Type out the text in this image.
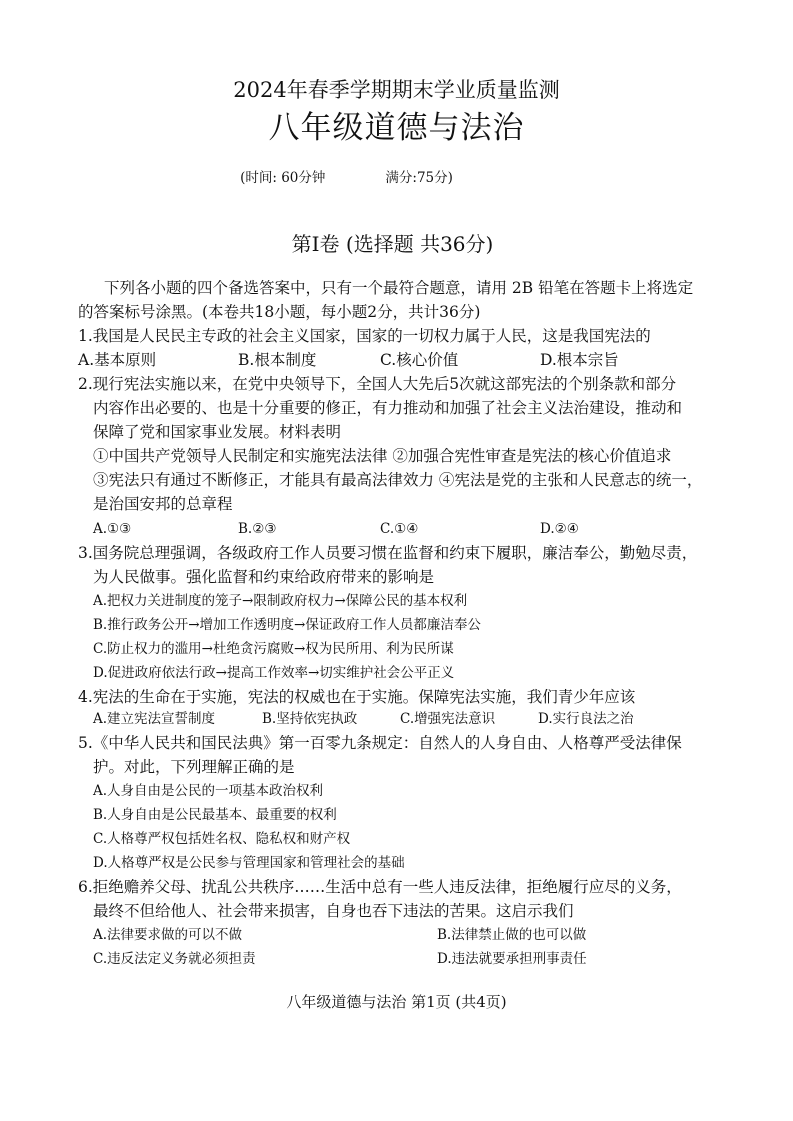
2024年春季学期期末学业质量监测
八年级道德与法治
(时间: 60分钟	满分:75分)
第Ⅰ卷 (选择题 共36分)
下列各小题的四个备选答案中，只有一个最符合题意，请用 2B 铅笔在答题卡上将选定
的答案标号涂黑。(本卷共18小题，每小题2分，共计36分)
1.我国是人民民主专政的社会主义国家，国家的一切权力属于人民，这是我国宪法的
A.基本原则	B.根本制度	C.核心价值	D.根本宗旨
2.现行宪法实施以来，在党中央领导下，全国人大先后5次就这部宪法的个别条款和部分
内容作出必要的、也是十分重要的修正，有力推动和加强了社会主义法治建设，推动和
保障了党和国家事业发展。材料表明
①中国共产党领导人民制定和实施宪法法律 ②加强合宪性审查是宪法的核心价值追求
③宪法只有通过不断修正，才能具有最高法律效力 ④宪法是党的主张和人民意志的统一，
是治国安邦的总章程
A.①③	B.②③	C.①④	D.②④
3.国务院总理强调，各级政府工作人员要习惯在监督和约束下履职，廉洁奉公，勤勉尽责，
为人民做事。强化监督和约束给政府带来的影响是
A.把权力关进制度的笼子→限制政府权力→保障公民的基本权利
B.推行政务公开→增加工作透明度→保证政府工作人员都廉洁奉公
C.防止权力的滥用→杜绝贪污腐败→权为民所用、利为民所谋
D.促进政府依法行政→提高工作效率→切实维护社会公平正义
4.宪法的生命在于实施，宪法的权威也在于实施。保障宪法实施，我们青少年应该
A.建立宪法宣誓制度	B.坚持依宪执政	C.增强宪法意识	D.实行良法之治
5.《中华人民共和国民法典》第一百零九条规定：自然人的人身自由、人格尊严受法律保
护。对此，下列理解正确的是
A.人身自由是公民的一项基本政治权利
B.人身自由是公民最基本、最重要的权利
C.人格尊严权包括姓名权、隐私权和财产权
D.人格尊严权是公民参与管理国家和管理社会的基础
6.拒绝赡养父母、扰乱公共秩序……生活中总有一些人违反法律，拒绝履行应尽的义务，
最终不但给他人、社会带来损害，自身也吞下违法的苦果。这启示我们
A.法律要求做的可以不做	B.法律禁止做的也可以做
C.违反法定义务就必须担责	D.违法就要承担刑事责任
八年级道德与法治 第1页 (共4页)
